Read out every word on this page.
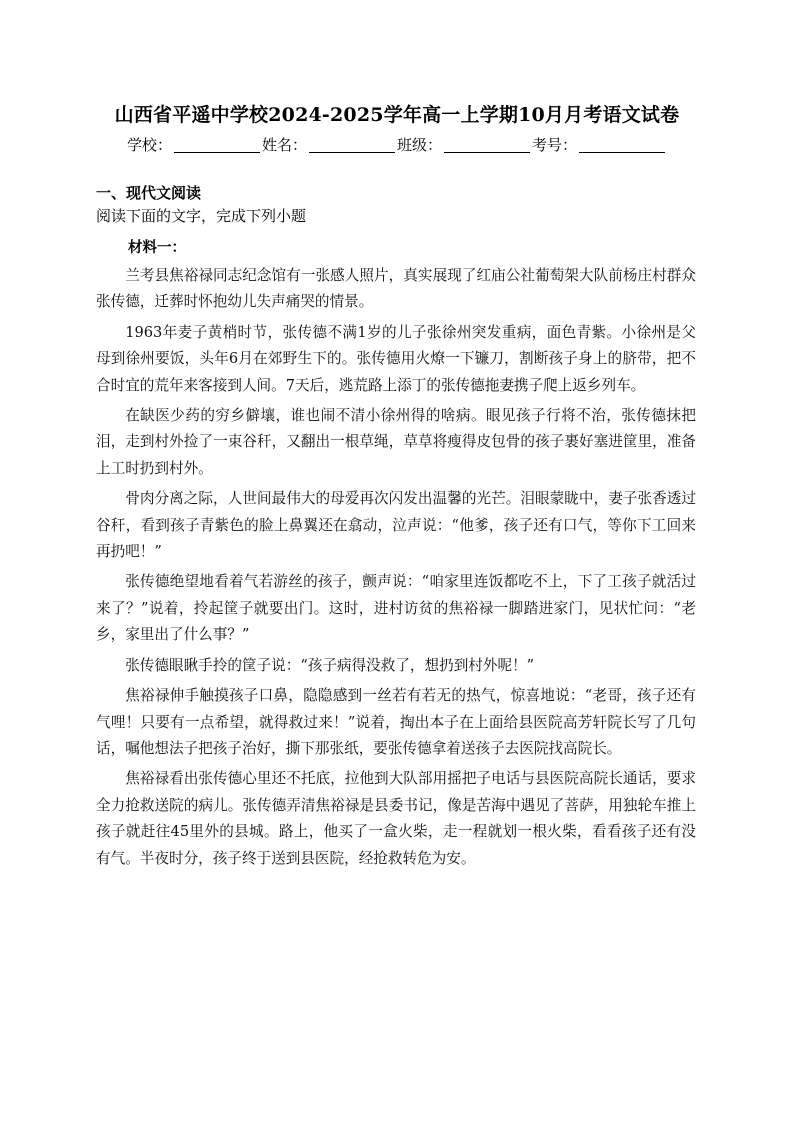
山西省平遥中学校2024-2025学年高一上学期10月月考语文试卷
学校：	姓名：	班级：	考号：
一、现代文阅读
阅读下面的文字，完成下列小题
材料一：

兰考县焦裕禄同志纪念馆有一张感人照片，真实展现了红庙公社葡萄架大队前杨庄村群众张传德，迁葬时怀抱幼儿失声痛哭的情景。

1963年麦子黄梢时节，张传德不满1岁的儿子张徐州突发重病，面色青紫。小徐州是父母到徐州要饭，头年6月在郊野生下的。张传德用火燎一下镰刀，割断孩子身上的脐带，把不合时宜的荒年来客接到人间。7天后，逃荒路上添丁的张传德拖妻携子爬上返乡列车。

在缺医少药的穷乡僻壤，谁也闹不清小徐州得的啥病。眼见孩子行将不治，张传德抹把泪，走到村外捡了一束谷秆，又翻出一根草绳，草草将瘦得皮包骨的孩子裹好塞进筐里，准备上工时扔到村外。

骨肉分离之际，人世间最伟大的母爱再次闪发出温馨的光芒。泪眼蒙眬中，妻子张香透过谷秆，看到孩子青紫色的脸上鼻翼还在翕动，泣声说：“他爹，孩子还有口气，等你下工回来再扔吧！”

张传德绝望地看着气若游丝的孩子，颤声说：“咱家里连饭都吃不上，下了工孩子就活过来了？”说着，拎起筐子就要出门。这时，进村访贫的焦裕禄一脚踏进家门，见状忙问：“老乡，家里出了什么事？”

张传德眼瞅手拎的筐子说：“孩子病得没救了，想扔到村外呢！”

焦裕禄伸手触摸孩子口鼻，隐隐感到一丝若有若无的热气，惊喜地说：“老哥，孩子还有气哩！只要有一点希望，就得救过来！”说着，掏出本子在上面给县医院高芳轩院长写了几句话，嘱他想法子把孩子治好，撕下那张纸，要张传德拿着送孩子去医院找高院长。

焦裕禄看出张传德心里还不托底，拉他到大队部用摇把子电话与县医院高院长通话，要求全力抢救送院的病儿。张传德弄清焦裕禄是县委书记，像是苦海中遇见了菩萨，用独轮车推上孩子就赶往45里外的县城。路上，他买了一盒火柴，走一程就划一根火柴，看看孩子还有没有气。半夜时分，孩子终于送到县医院，经抢救转危为安。
